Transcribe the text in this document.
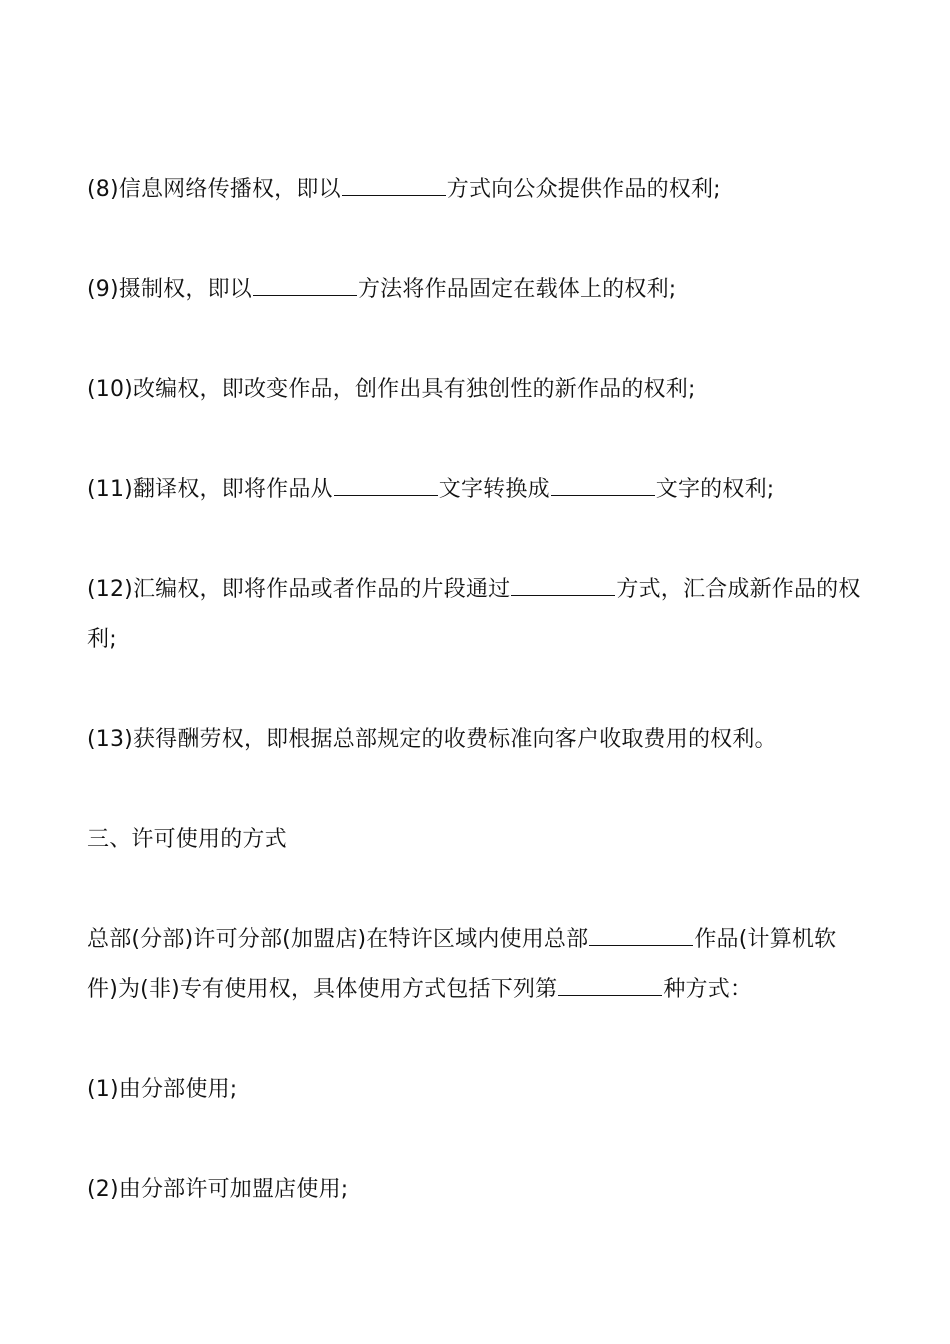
(8)信息网络传播权，即以	方式向公众提供作品的权利;

(9)摄制权，即以	方法将作品固定在载体上的权利;

(10)改编权，即改变作品，创作出具有独创性的新作品的权利;

(11)翻译权，即将作品从	文字转换成	文字的权利;

(12)汇编权，即将作品或者作品的片段通过	方式，汇合成新作品的权利;

(13)获得酬劳权，即根据总部规定的收费标准向客户收取费用的权利。

三、许可使用的方式

总部(分部)许可分部(加盟店)在特许区域内使用总部	作品(计算机软件)为(非)专有使用权，具体使用方式包括下列第	种方式：

(1)由分部使用;

(2)由分部许可加盟店使用;
